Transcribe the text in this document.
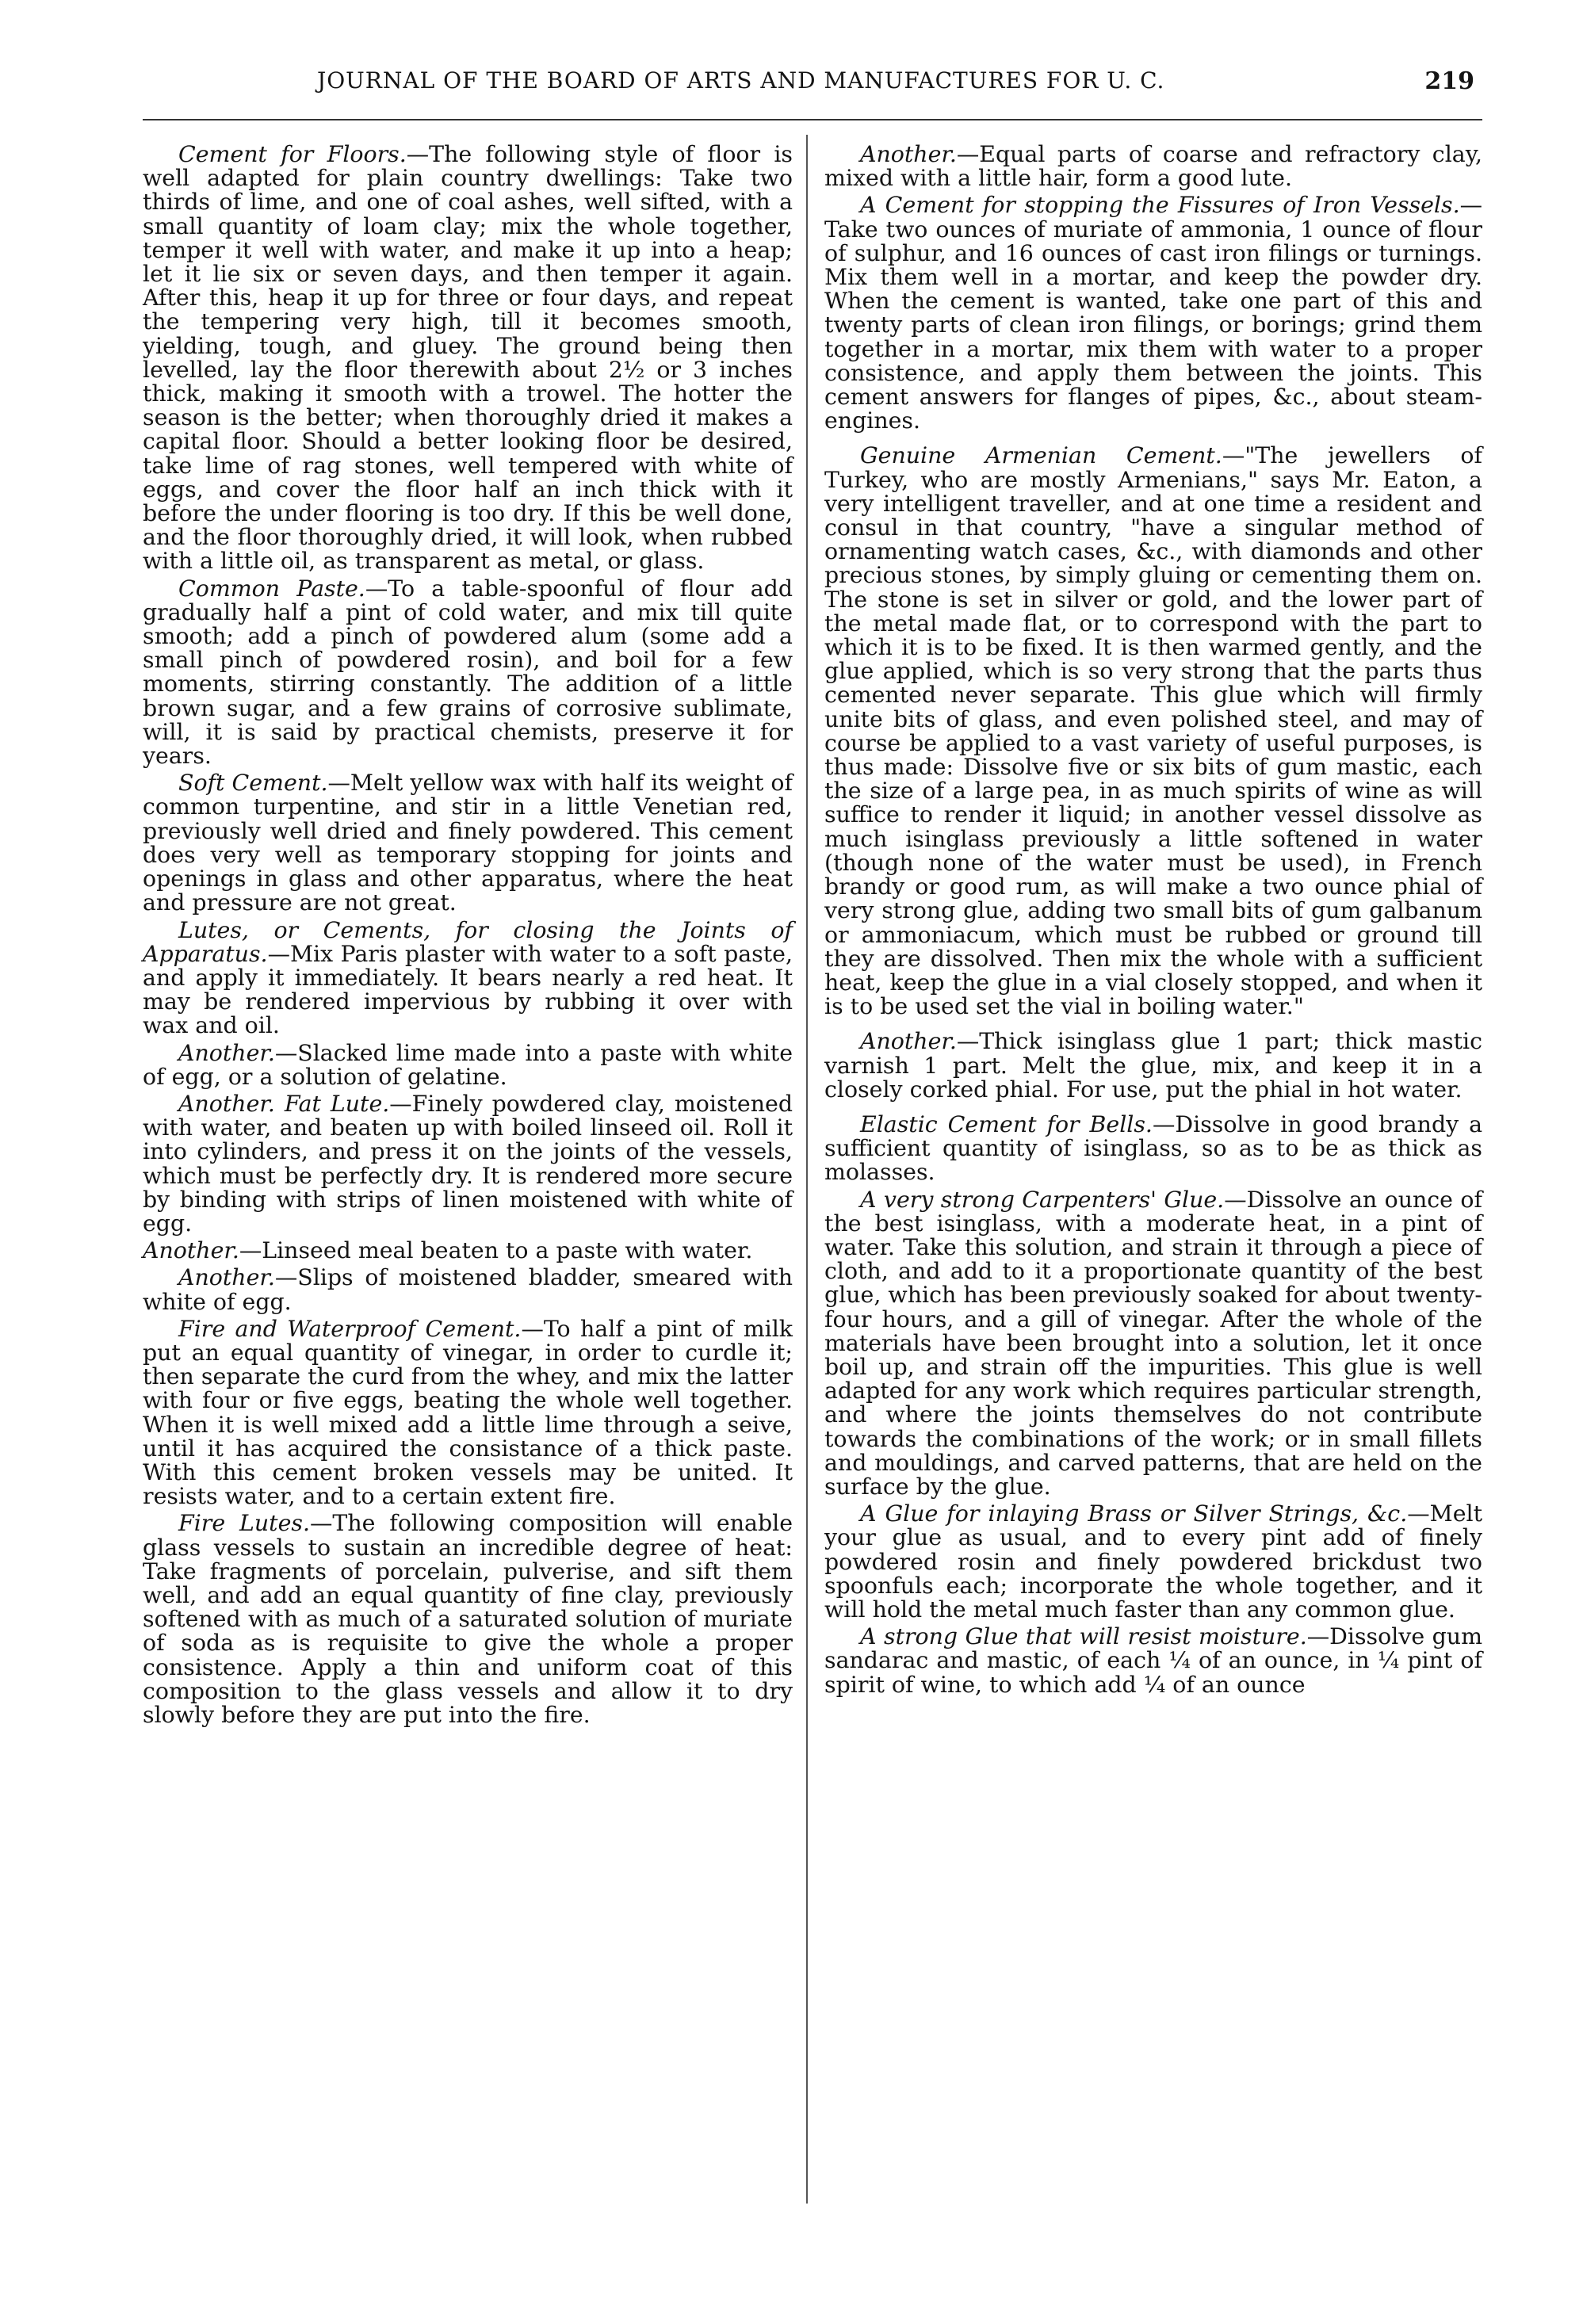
JOURNAL OF THE BOARD OF ARTS AND MANUFACTURES FOR U. C.	219

Cement for Floors.—The following style of floor is well adapted for plain country dwellings: Take two thirds of lime, and one of coal ashes, well sifted, with a small quantity of loam clay; mix the whole together, temper it well with water, and make it up into a heap; let it lie six or seven days, and then temper it again. After this, heap it up for three or four days, and repeat the tempering very high, till it becomes smooth, yielding, tough, and gluey. The ground being then levelled, lay the floor therewith about 2½ or 3 inches thick, making it smooth with a trowel. The hotter the season is the better; when thoroughly dried it makes a capital floor. Should a better looking floor be desired, take lime of rag stones, well tempered with white of eggs, and cover the floor half an inch thick with it before the under flooring is too dry. If this be well done, and the floor thoroughly dried, it will look, when rubbed with a little oil, as transparent as metal, or glass.

Common Paste.—To a table-spoonful of flour add gradually half a pint of cold water, and mix till quite smooth; add a pinch of powdered alum (some add a small pinch of powdered rosin), and boil for a few moments, stirring constantly. The addition of a little brown sugar, and a few grains of corrosive sublimate, will, it is said by practical chemists, preserve it for years.

Soft Cement.—Melt yellow wax with half its weight of common turpentine, and stir in a little Venetian red, previously well dried and finely powdered. This cement does very well as temporary stopping for joints and openings in glass and other apparatus, where the heat and pressure are not great.

Lutes, or Cements, for closing the Joints of Apparatus.—Mix Paris plaster with water to a soft paste, and apply it immediately. It bears nearly a red heat. It may be rendered impervious by rubbing it over with wax and oil.

Another.—Slacked lime made into a paste with white of egg, or a solution of gelatine.

Another. Fat Lute.—Finely powdered clay, moistened with water, and beaten up with boiled linseed oil. Roll it into cylinders, and press it on the joints of the vessels, which must be perfectly dry. It is rendered more secure by binding with strips of linen moistened with white of egg.

Another.—Linseed meal beaten to a paste with water.

Another.—Slips of moistened bladder, smeared with white of egg.

Fire and Waterproof Cement.—To half a pint of milk put an equal quantity of vinegar, in order to curdle it; then separate the curd from the whey, and mix the latter with four or five eggs, beating the whole well together. When it is well mixed add a little lime through a seive, until it has acquired the consistance of a thick paste. With this cement broken vessels may be united. It resists water, and to a certain extent fire.

Fire Lutes.—The following composition will enable glass vessels to sustain an incredible degree of heat: Take fragments of porcelain, pulverise, and sift them well, and add an equal quantity of fine clay, previously softened with as much of a saturated solution of muriate of soda as is requisite to give the whole a proper consistence. Apply a thin and uniform coat of this composition to the glass vessels and allow it to dry slowly before they are put into the fire.

Another.—Equal parts of coarse and refractory clay, mixed with a little hair, form a good lute.

A Cement for stopping the Fissures of Iron Vessels.—Take two ounces of muriate of ammonia, 1 ounce of flour of sulphur, and 16 ounces of cast iron filings or turnings. Mix them well in a mortar, and keep the powder dry. When the cement is wanted, take one part of this and twenty parts of clean iron filings, or borings; grind them together in a mortar, mix them with water to a proper consistence, and apply them between the joints. This cement answers for flanges of pipes, &c., about steam-engines.

Genuine Armenian Cement.—"The jewellers of Turkey, who are mostly Armenians," says Mr. Eaton, a very intelligent traveller, and at one time a resident and consul in that country, "have a singular method of ornamenting watch cases, &c., with diamonds and other precious stones, by simply gluing or cementing them on. The stone is set in silver or gold, and the lower part of the metal made flat, or to correspond with the part to which it is to be fixed. It is then warmed gently, and the glue applied, which is so very strong that the parts thus cemented never separate. This glue which will firmly unite bits of glass, and even polished steel, and may of course be applied to a vast variety of useful purposes, is thus made: Dissolve five or six bits of gum mastic, each the size of a large pea, in as much spirits of wine as will suffice to render it liquid; in another vessel dissolve as much isinglass previously a little softened in water (though none of the water must be used), in French brandy or good rum, as will make a two ounce phial of very strong glue, adding two small bits of gum galbanum or ammoniacum, which must be rubbed or ground till they are dissolved. Then mix the whole with a sufficient heat, keep the glue in a vial closely stopped, and when it is to be used set the vial in boiling water."

Another.—Thick isinglass glue 1 part; thick mastic varnish 1 part. Melt the glue, mix, and keep it in a closely corked phial. For use, put the phial in hot water.

Elastic Cement for Bells.—Dissolve in good brandy a sufficient quantity of isinglass, so as to be as thick as molasses.

A very strong Carpenters' Glue.—Dissolve an ounce of the best isinglass, with a moderate heat, in a pint of water. Take this solution, and strain it through a piece of cloth, and add to it a proportionate quantity of the best glue, which has been previously soaked for about twenty-four hours, and a gill of vinegar. After the whole of the materials have been brought into a solution, let it once boil up, and strain off the impurities. This glue is well adapted for any work which requires particular strength, and where the joints themselves do not contribute towards the combinations of the work; or in small fillets and mouldings, and carved patterns, that are held on the surface by the glue.

A Glue for inlaying Brass or Silver Strings, &c.—Melt your glue as usual, and to every pint add of finely powdered rosin and finely powdered brickdust two spoonfuls each; incorporate the whole together, and it will hold the metal much faster than any common glue.

A strong Glue that will resist moisture.—Dissolve gum sandarac and mastic, of each ¼ of an ounce, in ¼ pint of spirit of wine, to which add ¼ of an ounce
